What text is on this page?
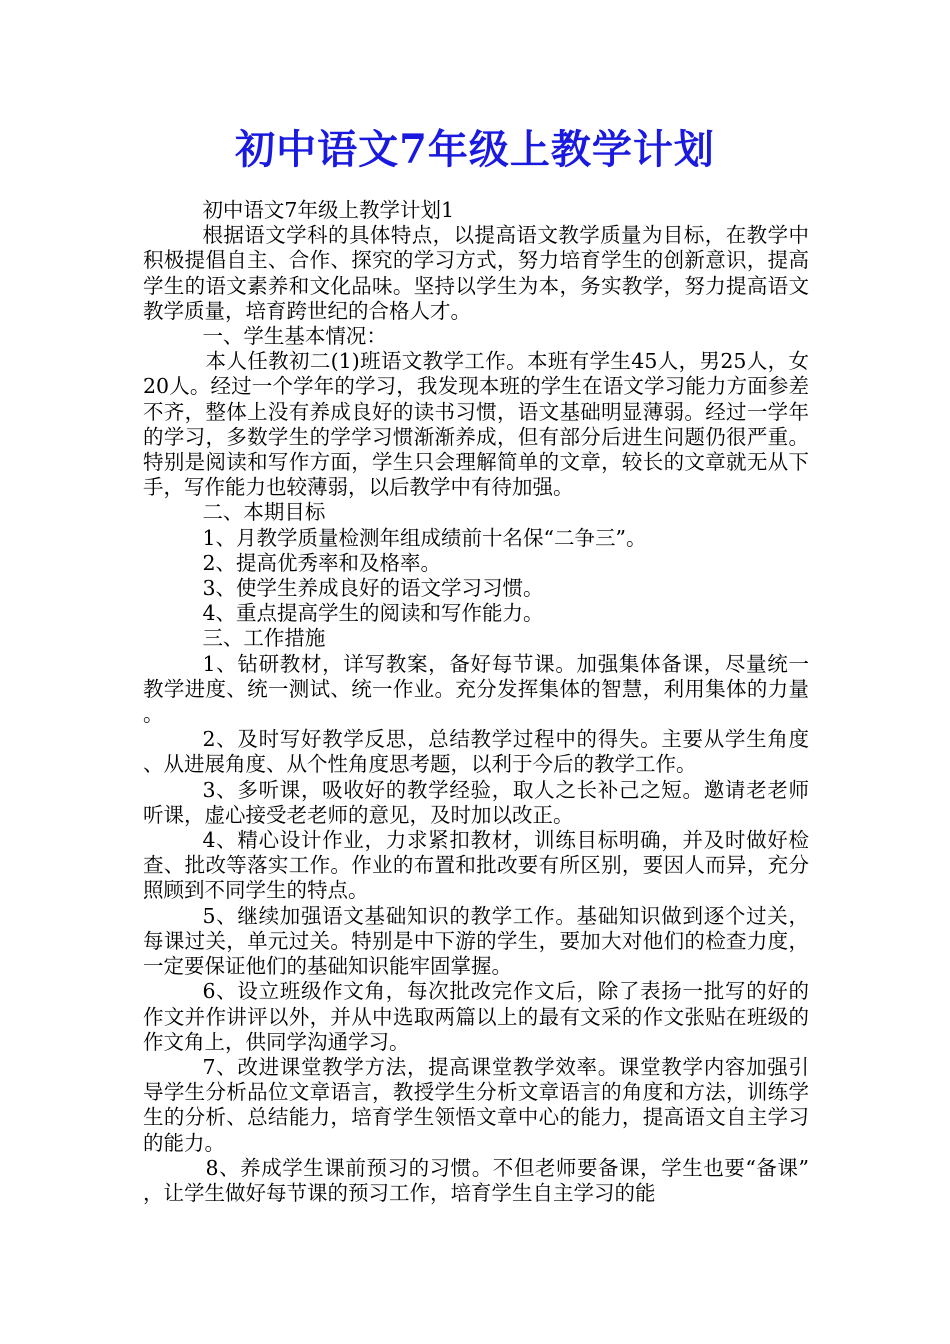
初中语文7年级上教学计划

初中语文7年级上教学计划1

根据语文学科的具体特点，以提高语文教学质量为目标，在教学中积极提倡自主、合作、探究的学习方式，努力培育学生的创新意识，提高学生的语文素养和文化品味。坚持以学生为本，务实教学，努力提高语文教学质量，培育跨世纪的合格人才。

一、学生基本情况：

本人任教初二(1)班语文教学工作。本班有学生45人，男25人，女20人。经过一个学年的学习，我发现本班的学生在语文学习能力方面参差不齐，整体上没有养成良好的读书习惯，语文基础明显薄弱。经过一学年的学习，多数学生的学学习惯渐渐养成，但有部分后进生问题仍很严重。特别是阅读和写作方面，学生只会理解简单的文章，较长的文章就无从下手，写作能力也较薄弱，以后教学中有待加强。

二、本期目标

1、月教学质量检测年组成绩前十名保“二争三”。

2、提高优秀率和及格率。

3、使学生养成良好的语文学习习惯。

4、重点提高学生的阅读和写作能力。

三、工作措施

1、钻研教材，详写教案，备好每节课。加强集体备课，尽量统一教学进度、统一测试、统一作业。充分发挥集体的智慧，利用集体的力量。

2、及时写好教学反思，总结教学过程中的得失。主要从学生角度、从进展角度、从个性角度思考题，以利于今后的教学工作。

3、多听课，吸收好的教学经验，取人之长补己之短。邀请老老师听课，虚心接受老老师的意见，及时加以改正。

4、精心设计作业，力求紧扣教材，训练目标明确，并及时做好检查、批改等落实工作。作业的布置和批改要有所区别，要因人而异，充分照顾到不同学生的特点。

5、继续加强语文基础知识的教学工作。基础知识做到逐个过关，每课过关，单元过关。特别是中下游的学生，要加大对他们的检查力度，一定要保证他们的基础知识能牢固掌握。

6、设立班级作文角，每次批改完作文后，除了表扬一批写的好的作文并作讲评以外，并从中选取两篇以上的最有文采的作文张贴在班级的作文角上，供同学沟通学习。

7、改进课堂教学方法，提高课堂教学效率。课堂教学内容加强引导学生分析品位文章语言，教授学生分析文章语言的角度和方法，训练学生的分析、总结能力，培育学生领悟文章中心的能力，提高语文自主学习的能力。

8、养成学生课前预习的习惯。不但老师要备课，学生也要“备课”，让学生做好每节课的预习工作，培育学生自主学习的能
